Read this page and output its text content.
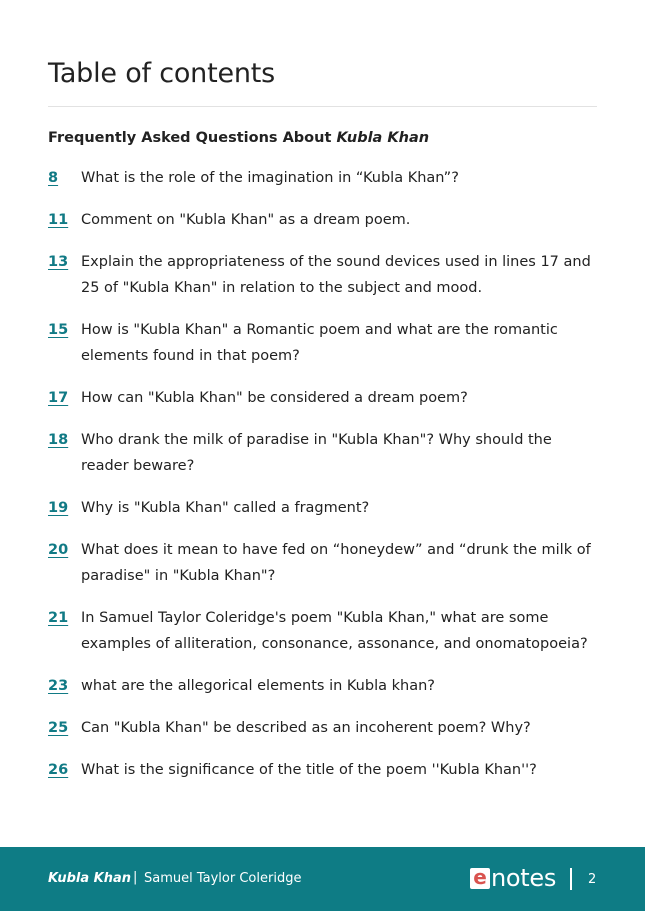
Table of contents
Frequently Asked Questions About Kubla Khan
8	What is the role of the imagination in “Kubla Khan”?
11 Comment on "Kubla Khan" as a dream poem.
13 Explain the appropriateness of the sound devices used in lines 17 and 25 of "Kubla Khan" in relation to the subject and mood.
15 How is "Kubla Khan" a Romantic poem and what are the romantic elements found in that poem?
17 How can "Kubla Khan" be considered a dream poem?
18 Who drank the milk of paradise in "Kubla Khan"? Why should the reader beware?
19 Why is "Kubla Khan" called a fragment?
20 What does it mean to have fed on “honeydew” and “drunk the milk of paradise" in "Kubla Khan"?
21 In Samuel Taylor Coleridge's poem "Kubla Khan," what are some examples of alliteration, consonance, assonance, and onomatopoeia?
23 what are the allegorical elements in Kubla khan?
25 Can "Kubla Khan" be described as an incoherent poem? Why?
26 What is the significance of the title of the poem ''Kubla Khan''?
Kubla Khan | Samuel Taylor Coleridge	e notes 2
